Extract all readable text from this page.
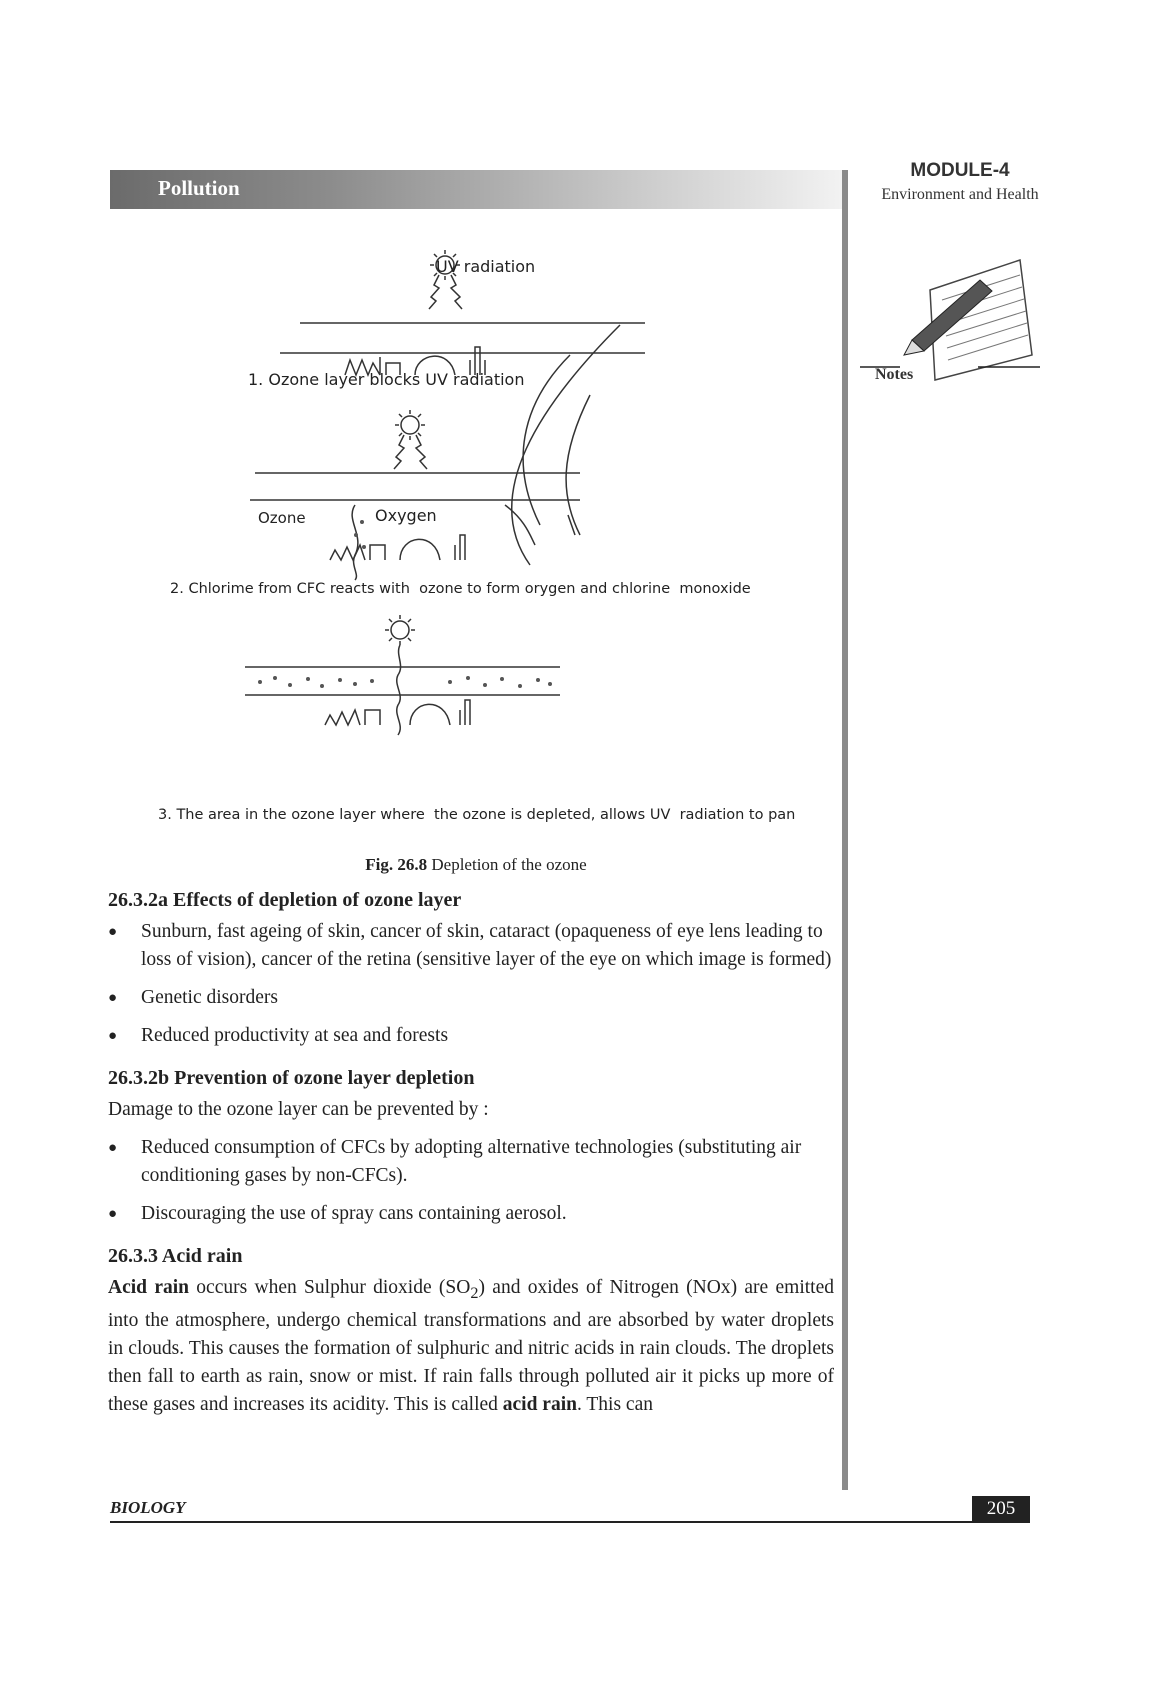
Pollution
MODULE-4
Environment and Health
Notes
UV radiation
1. Ozone layer blocks UV radiation
Ozone	Oxygen
2. Chlorime from CFC reacts with  ozone to form orygen and chlorine  monoxide
3. The area in the ozone layer where  the ozone is depleted, allows UV  radiation to pan
Fig. 26.8 Depletion of the ozone
26.3.2a Effects of depletion of ozone layer
● Sunburn, fast ageing of skin, cancer of skin, cataract (opaqueness of eye lens leading to loss of vision), cancer of the retina (sensitive layer of the eye on which image is formed)
● Genetic disorders
● Reduced productivity at sea and forests
26.3.2b Prevention of ozone layer depletion

Damage to the ozone layer can be prevented by :

● Reduced consumption of CFCs by adopting alternative technologies (substituting air conditioning gases by non-CFCs).
● Discouraging the use of spray cans containing aerosol.
26.3.3 Acid rain

Acid rain occurs when Sulphur dioxide $(SO_2)$ and oxides of Nitrogen (NOx) are emitted into the atmosphere, undergo chemical transformations and are absorbed by water droplets in clouds. This causes the formation of sulphuric and nitric acids in rain clouds. The droplets then fall to earth as rain, snow or mist. If rain falls through polluted air it picks up more of these gases and increases its acidity. This is called acid rain. This can

BIOLOGY	205
